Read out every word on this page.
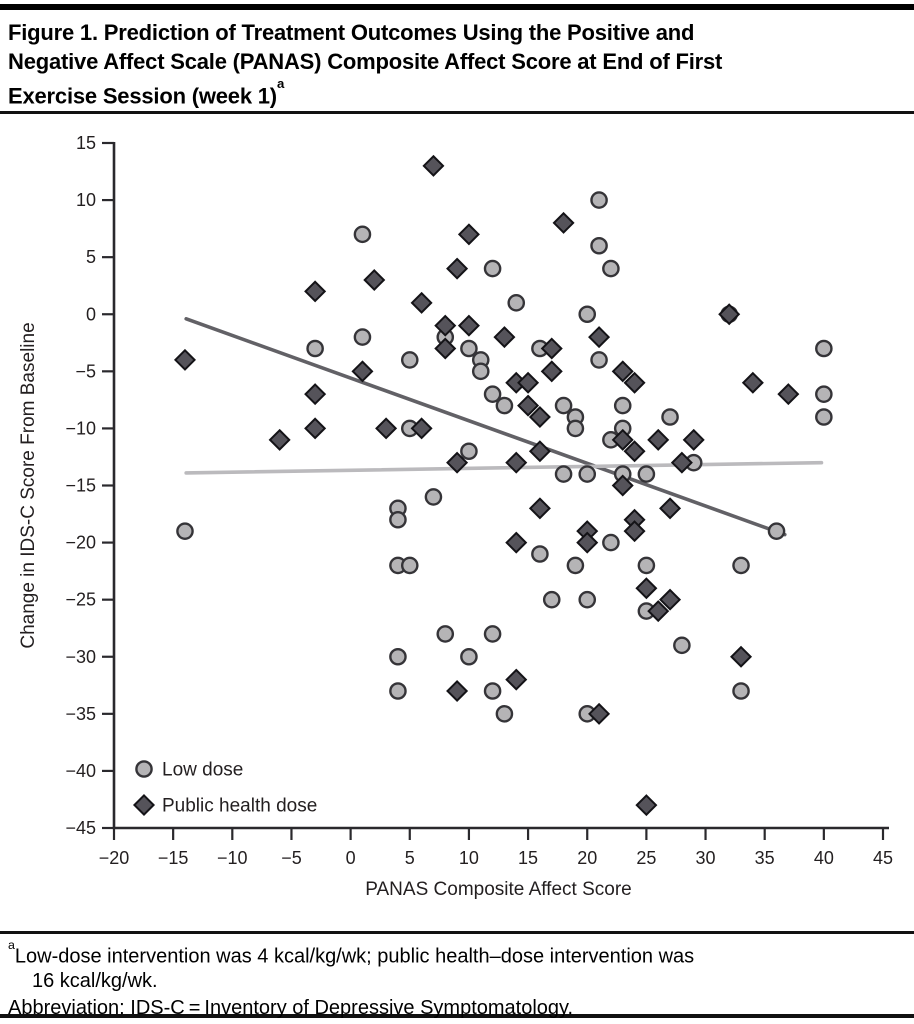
Figure 1. Prediction of Treatment Outcomes Using the Positive and
Negative Affect Scale (PANAS) Composite Affect Score at End of First
Exercise Session (week 1)$^a$
−20 −15 −10 −5 0	5 10 15 20 25 30 35 40 45
15
10
5
0
−5
−10
−15
−20
−25
−30
−35
−40
−45
PANAS Composite Affect Score
Change in IDS-C Score From Baseline
Low dose
Public health dose
$^a$Low-dose intervention was 4 kcal/kg/wk; public health–dose intervention was
16 kcal/kg/wk.
Abbreviation: IDS-C = Inventory of Depressive Symptomatology.
